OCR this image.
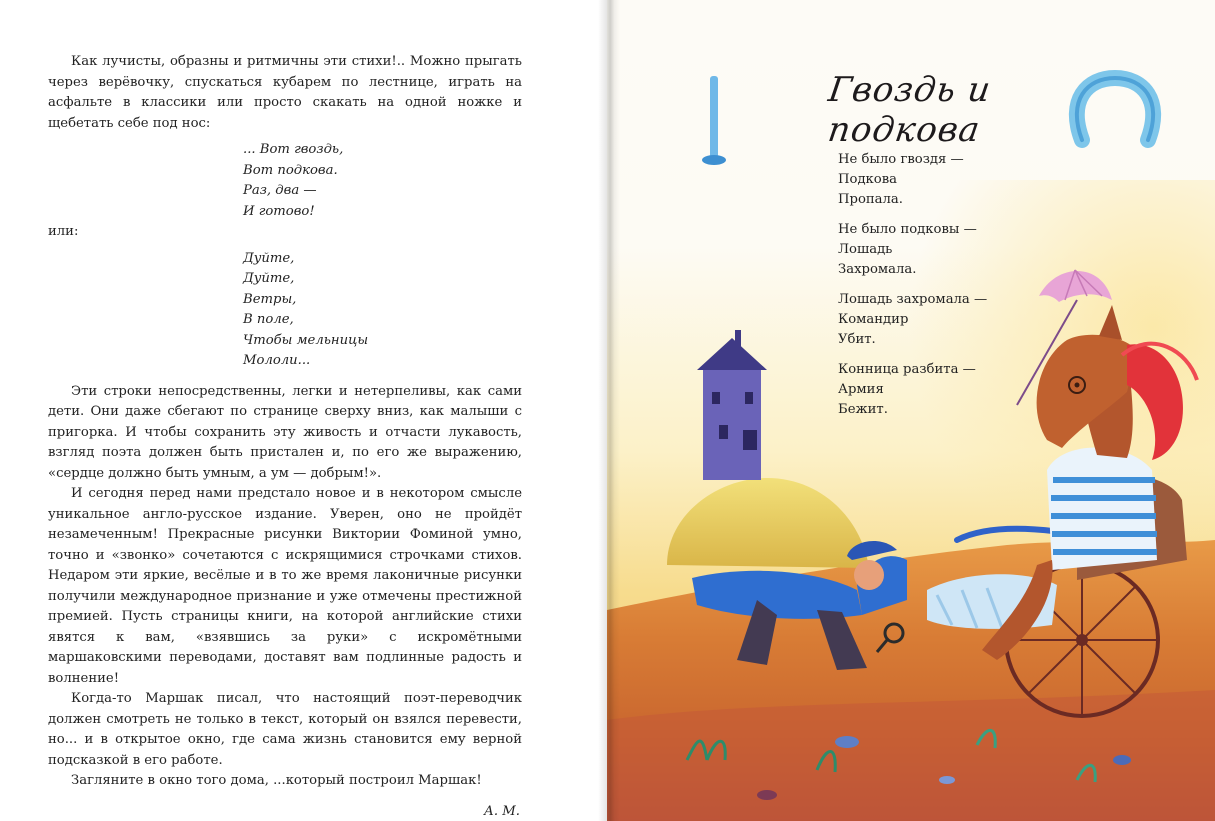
Как лучисты, образны и ритмичны эти стихи!.. Можно прыгать через верёвочку, спускаться кубарем по лестнице, играть на асфальте в классики или просто скакать на одной ножке и щебетать себе под нос:

... Вот гвоздь,
Вот подкова.
Раз, два —
И готово!

или:

Дуйте,
Дуйте,
Ветры,
В поле,
Чтобы мельницы
Мололи...

Эти строки непосредственны, легки и нетерпеливы, как сами дети. Они даже сбегают по странице сверху вниз, как малыши с пригорка. И чтобы сохранить эту живость и отчасти лукавость, взгляд поэта должен быть пристален и, по его же выражению, «сердце должно быть умным, а ум — добрым!».

И сегодня перед нами предстало новое и в некотором смысле уникальное англо-русское издание. Уверен, оно не пройдёт незамеченным! Прекрасные рисунки Виктории Фоминой умно, точно и «звонко» сочетаются с искрящимися строчками стихов. Недаром эти яркие, весёлые и в то же время лаконичные рисунки получили международное признание и уже отмечены престижной премией. Пусть страницы книги, на которой английские стихи явятся к вам, «взявшись за руки» с искромётными маршаковскими переводами, доставят вам подлинные радость и волнение!

Когда-то Маршак писал, что настоящий поэт-переводчик должен смотреть не только в текст, который он взялся перевести, но... и в открытое окно, где сама жизнь становится ему верной подсказкой в его работе.

Загляните в окно того дома, ...который построил Маршак!

А. М.

Гвоздь и подкова
Не было гвоздя —
Подкова
Пропала.
Не было подковы —
Лошадь
Захромала.
Лошадь захромала —
Командир
Убит.
Конница разбита —
Армия
Бежит.
